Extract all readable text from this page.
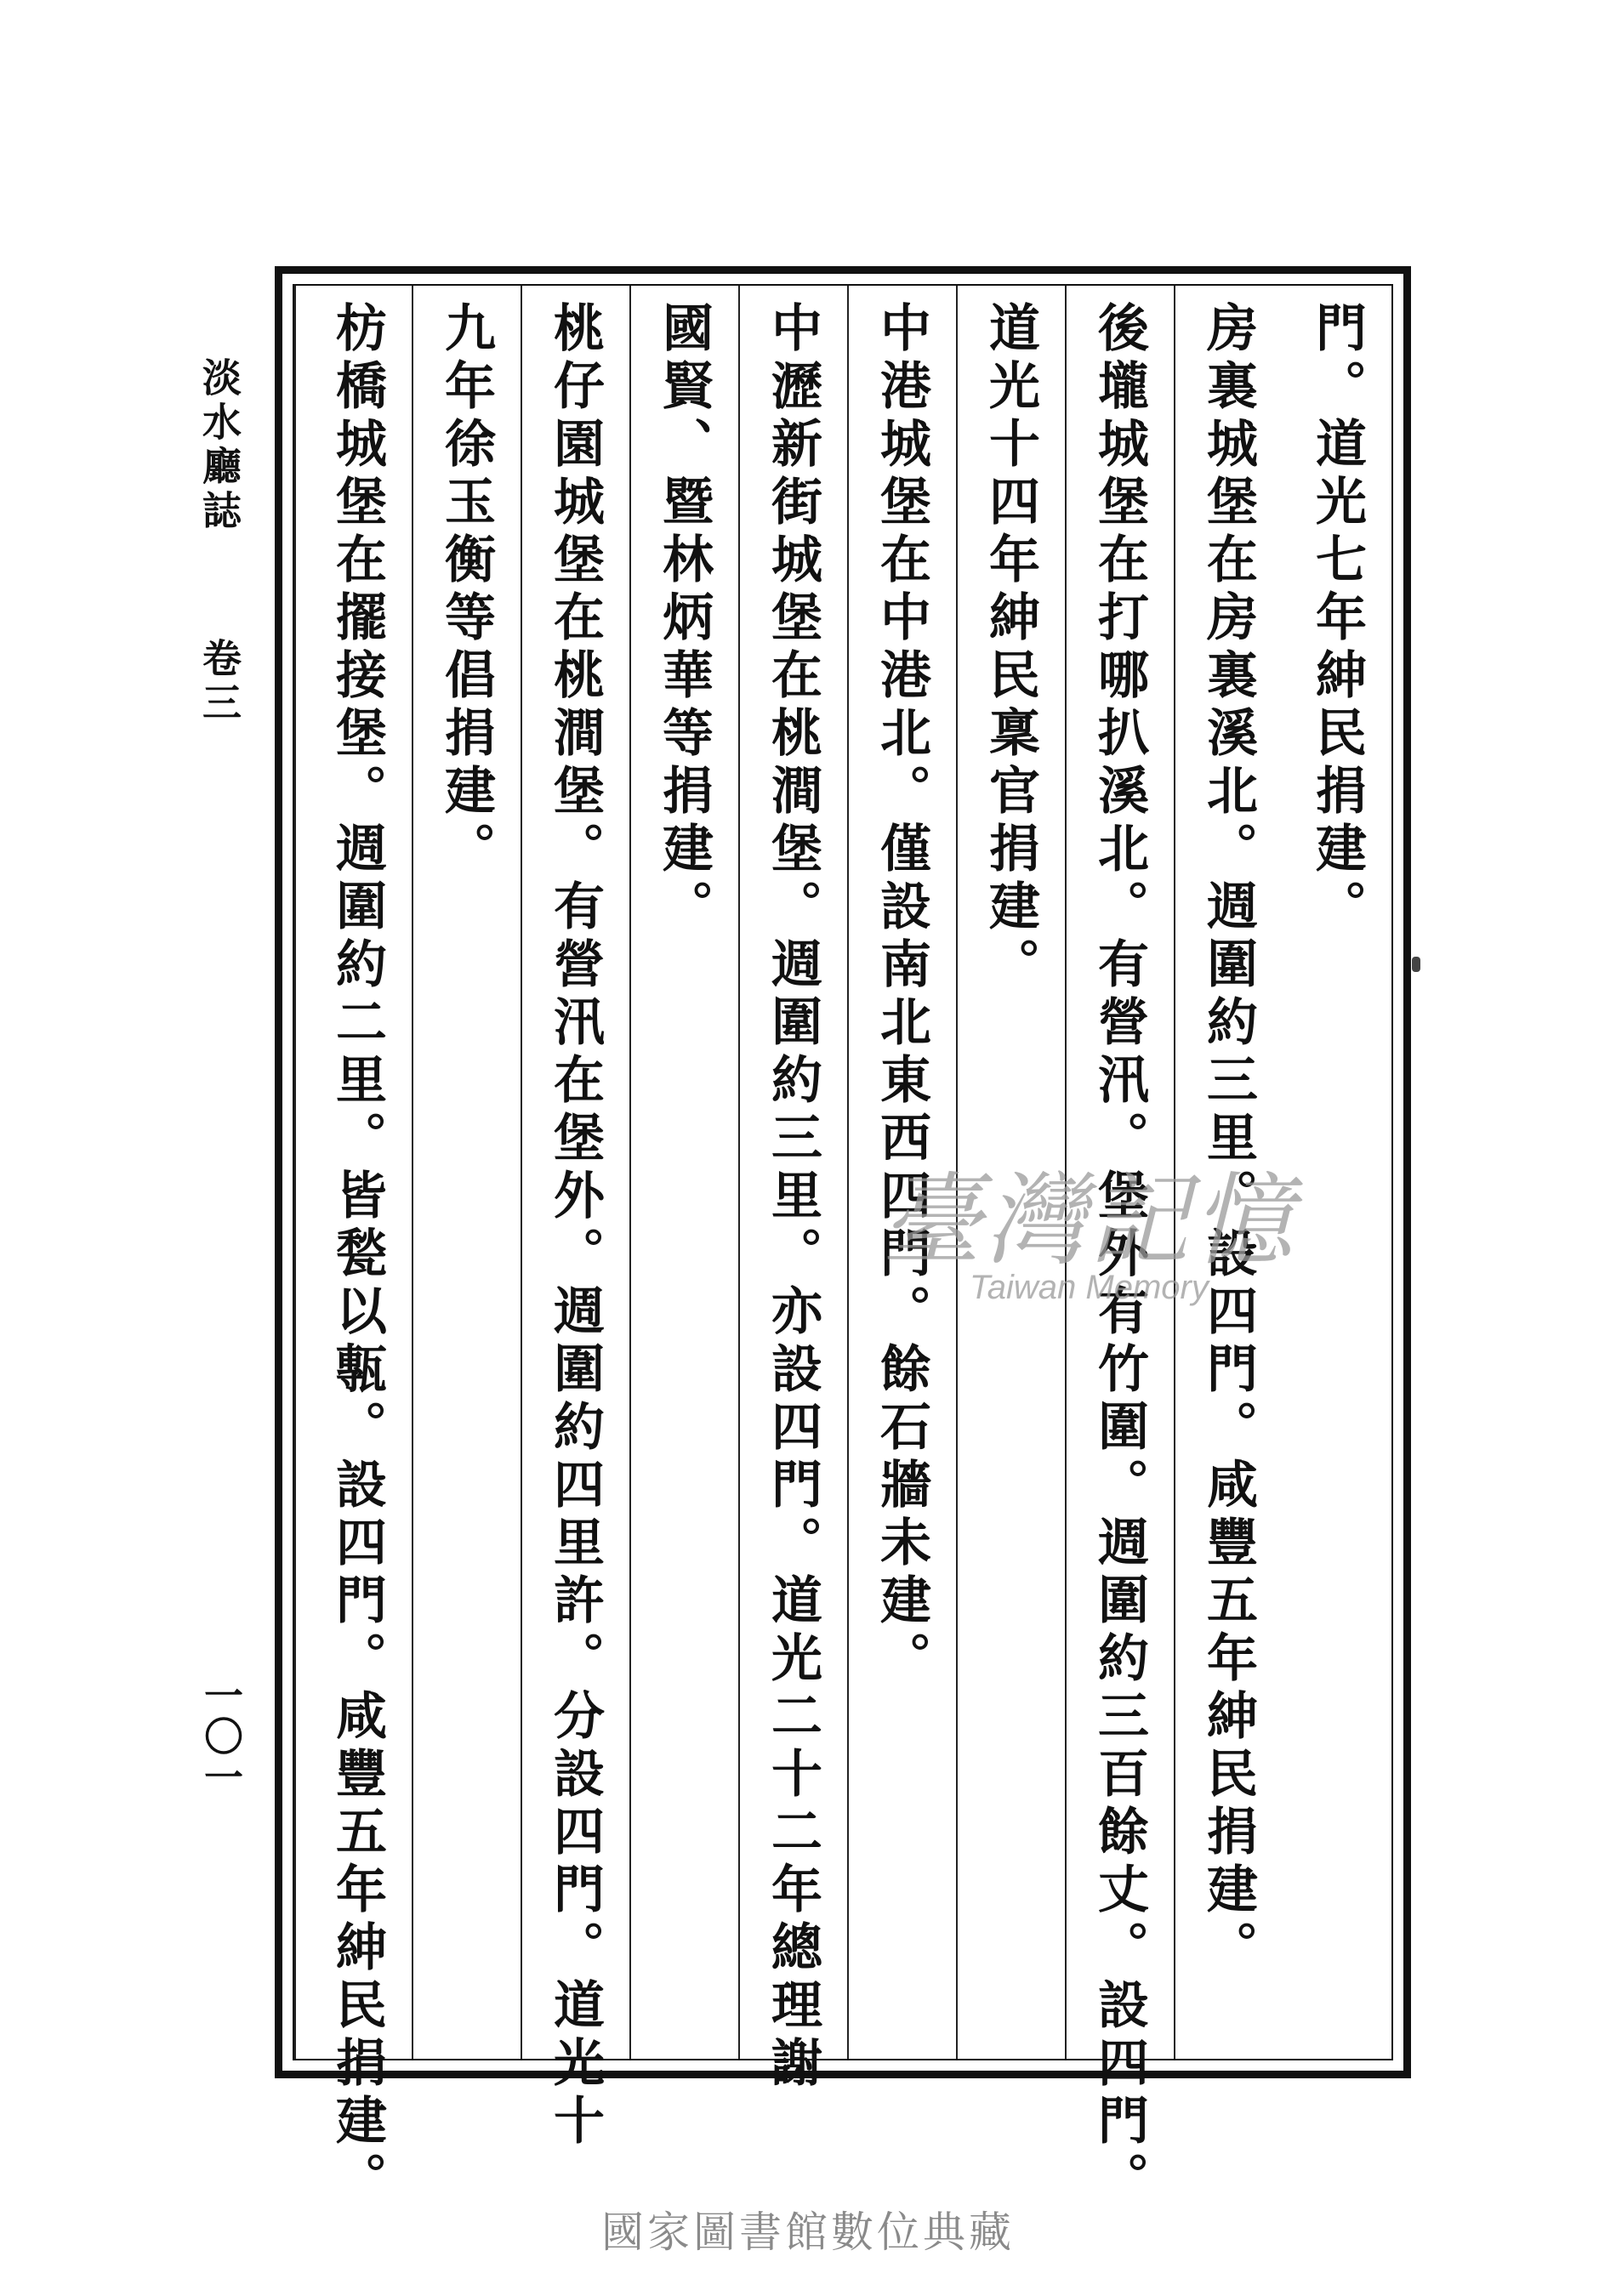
淡水廳誌
卷三
一〇一
門。道光七年紳民捐建。
房裏城堡在房裏溪北。週圍約三里。設四門。咸豐五年紳民捐建。
後壠城堡在打哪扒溪北。有營汛。堡外有竹圍。週圍約三百餘丈。設四門。
道光十四年紳民稟官捐建。
中港城堡在中港北。僅設南北東西四門。餘石牆未建。
中瀝新街城堡在桃澗堡。週圍約三里。亦設四門。道光二十二年總理謝
國賢、暨林炳華等捐建。
桃仔園城堡在桃澗堡。有營汛在堡外。週圍約四里許。分設四門。道光十
九年徐玉衡等倡捐建。
枋橋城堡在擺接堡。週圍約二里。皆甃以甎。設四門。咸豐五年紳民捐建。	臺灣記憶
Taiwan Memory
國家圖書館數位典藏
